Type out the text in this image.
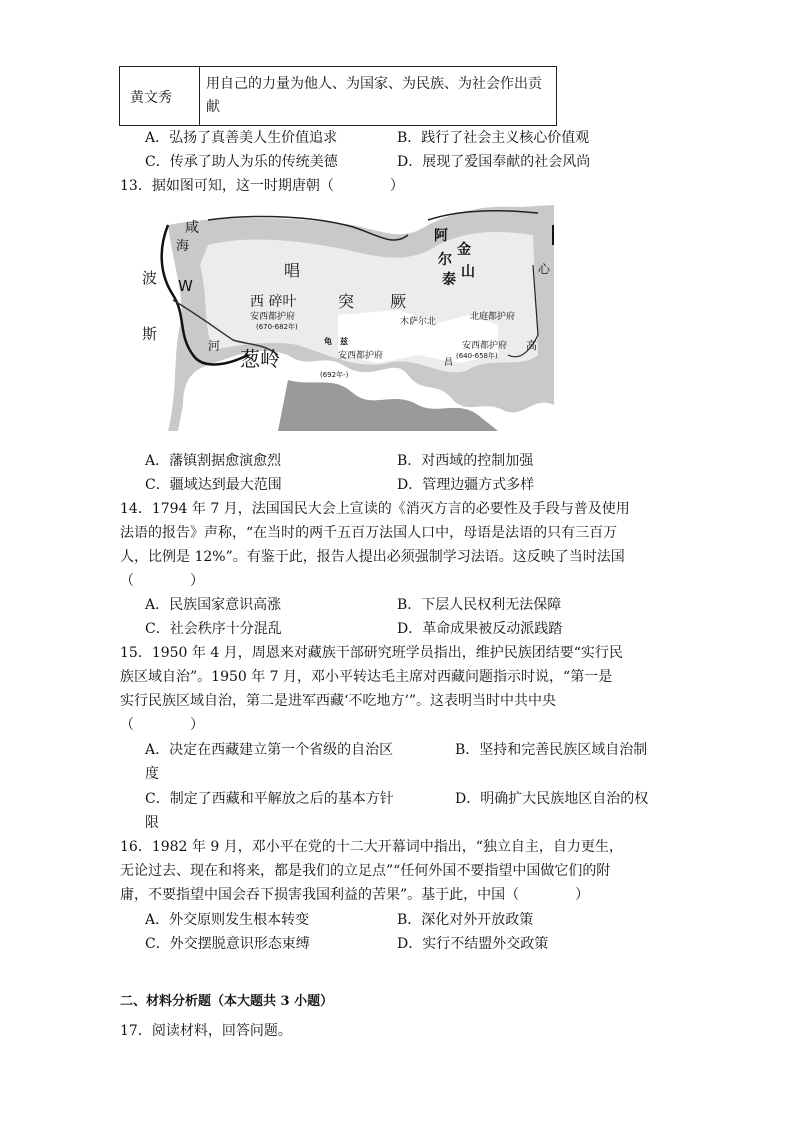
黄文秀
用自己的力量为他人、为国家、为民族、为社会作出贡献
A．弘扬了真善美人生价值追求	B．践行了社会主义核心价值观
C．传承了助人为乐的传统美德	D．展现了爱国奉献的社会风尚
13．据如图可知，这一时期唐朝（　　　　）
咸
海
波 W
斯
河
葱岭
唱
西 碎叶	突 厥
阿
尔
金
泰 山	心
安西都护府
(670-682年)	木萨尔北	北庭都护府
龟　兹
安西都护府
(692年-)
安西都护府
(640-658年)
昌
高
A．藩镇割据愈演愈烈	B．对西域的控制加强
C．疆域达到最大范围	D．管理边疆方式多样
14．1794 年 7 月，法国国民大会上宣读的《消灭方言的必要性及手段与普及使用
法语的报告》声称，“在当时的两千五百万法国人口中，母语是法语的只有三百万
人，比例是 12%”。有鉴于此，报告人提出必须强制学习法语。这反映了当时法国
（　　　　）
A．民族国家意识高涨	B．下层人民权利无法保障
C．社会秩序十分混乱	D．革命成果被反动派践踏
15．1950 年 4 月，周恩来对藏族干部研究班学员指出，维护民族团结要“实行民
族区域自治”。1950 年 7 月，邓小平转达毛主席对西藏问题指示时说，“第一是
实行民族区域自治，第二是进军西藏‘不吃地方’”。这表明当时中共中央
（　　　　）
A．决定在西藏建立第一个省级的自治区	B．坚持和完善民族区域自治制
度
C．制定了西藏和平解放之后的基本方针	D．明确扩大民族地区自治的权
限
16．1982 年 9 月，邓小平在党的十二大开幕词中指出，“独立自主，自力更生，
无论过去、现在和将来，都是我们的立足点”“任何外国不要指望中国做它们的附
庸，不要指望中国会吞下损害我国利益的苦果”。基于此，中国（　　　　）
A．外交原则发生根本转变	B．深化对外开放政策
C．外交摆脱意识形态束缚	D．实行不结盟外交政策
二、材料分析题（本大题共 3 小题）
17．阅读材料，回答问题。
